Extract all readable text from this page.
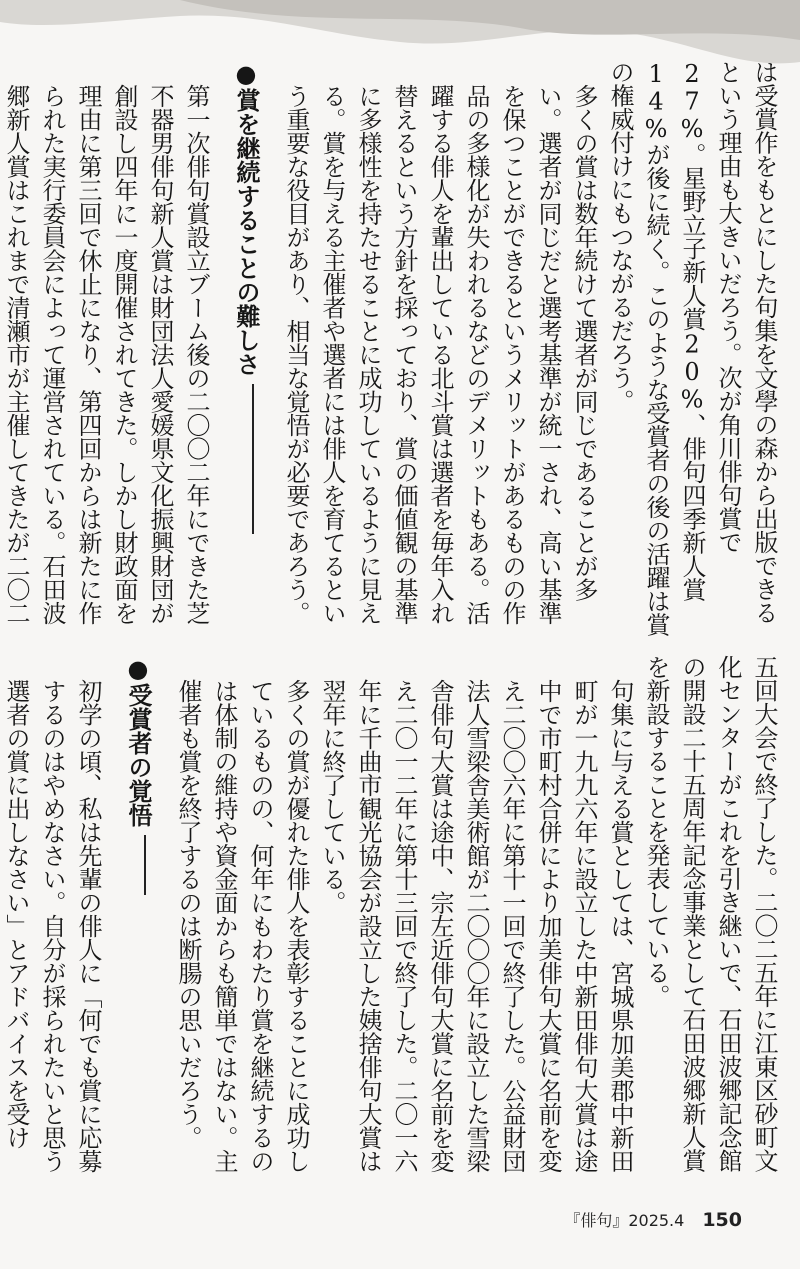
は受賞作をもとにした句集を文學の森から出版できるという理由も大きいだろう。次が角川俳句賞で27%。星野立子新人賞20%、俳句四季新人賞14%が後に続く。このような受賞者の後の活躍は賞の権威付けにもつながるだろう。

多くの賞は数年続けて選者が同じであることが多い。選者が同じだと選考基準が統一され、高い基準を保つことができるというメリットがあるものの作品の多様化が失われるなどのデメリットもある。活躍する俳人を輩出している北斗賞は選者を毎年入れ替えるという方針を採っており、賞の価値観の基準に多様性を持たせることに成功しているように見える。賞を与える主催者や選者には俳人を育てるという重要な役目があり、相当な覚悟が必要であろう。

●賞を継続することの難しさ

第一次俳句賞設立ブーム後の二〇〇二年にできた芝不器男俳句新人賞は財団法人愛媛県文化振興財団が創設し四年に一度開催されてきた。しかし財政面を理由に第三回で休止になり、第四回からは新たに作られた実行委員会によって運営されている。石田波郷新人賞はこれまで清瀬市が主催してきたが二〇二

五回大会で終了した。二〇二五年に江東区砂町文化センターがこれを引き継いで、石田波郷記念館の開設二十五周年記念事業として石田波郷新人賞を新設することを発表している。

句集に与える賞としては、宮城県加美郡中新田町が一九九六年に設立した中新田俳句大賞は途中で市町村合併により加美俳句大賞に名前を変え二〇〇六年に第十一回で終了した。公益財団法人雪梁舎美術館が二〇〇〇年に設立した雪梁舎俳句大賞は途中、宗左近俳句大賞に名前を変え二〇一二年に第十三回で終了した。二〇一六年に千曲市観光協会が設立した姨捨俳句大賞は翌年に終了している。

多くの賞が優れた俳人を表彰することに成功しているものの、何年にもわたり賞を継続するのは体制の維持や資金面からも簡単ではない。主催者も賞を終了するのは断腸の思いだろう。

●受賞者の覚悟

初学の頃、私は先輩の俳人に「何でも賞に応募するのはやめなさい。自分が採られたいと思う選者の賞に出しなさい」とアドバイスを受け

『俳句』2025.4 150
